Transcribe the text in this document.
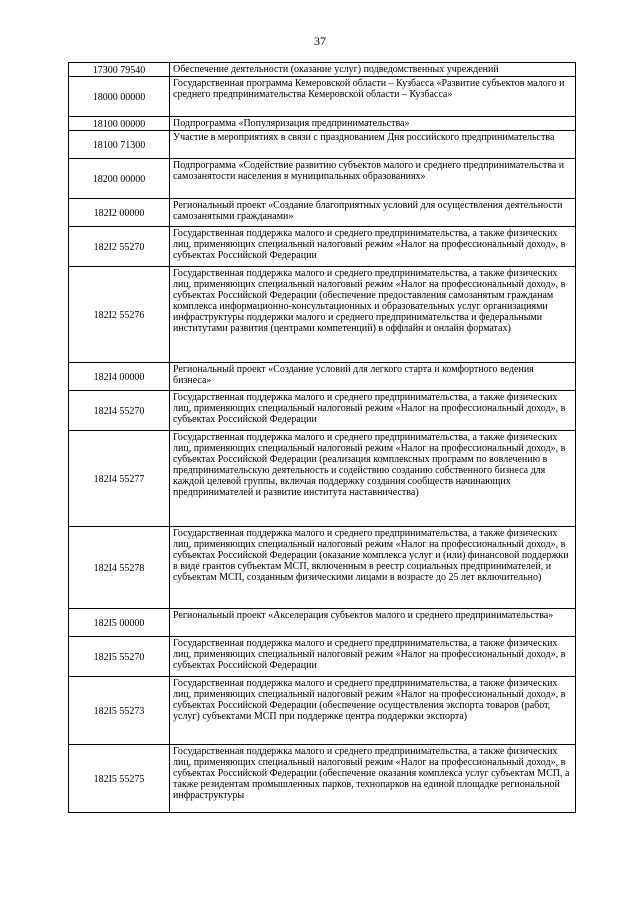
37
17300 79540	Обеспечение деятельности (оказание услуг) подведомственных учреждений
18000 00000	Государственная программа Кемеровской области – Кузбасса «Развитие субъектов малого и среднего предпринимательства Кемеровской области – Кузбасса»
18100 00000	Подпрограмма «Популяризация предпринимательства»
18100 71300	Участие в мероприятиях в связи с празднованием Дня российского предпринимательства
18200 00000	Подпрограмма «Содействие развитию субъектов малого и среднего предпринимательства и самозанятости населения в муниципальных образованиях»
182I2 00000	Региональный проект «Создание благоприятных условий для осуществления деятельности самозанятыми гражданами»
182I2 55270	Государственная поддержка малого и среднего предпринимательства, а также физических лиц, применяющих специальный налоговый режим «Налог на профессиональный доход», в субъектах Российской Федерации
182I2 55276	Государственная поддержка малого и среднего предпринимательства, а также физических лиц, применяющих специальный налоговый режим «Налог на профессиональный доход», в субъектах Российской Федерации (обеспечение предоставления самозанятым гражданам комплекса информационно-консультационных и образовательных услуг организациями инфраструктуры поддержки малого и среднего предпринимательства и федеральными институтами развития (центрами компетенций) в оффлайн и онлайн форматах)
182I4 00000	Региональный проект «Создание условий для легкого старта и комфортного ведения бизнеса»
182I4 55270	Государственная поддержка малого и среднего предпринимательства, а также физических лиц, применяющих специальный налоговый режим «Налог на профессиональный доход», в субъектах Российской Федерации
182I4 55277	Государственная поддержка малого и среднего предпринимательства, а также физических лиц, применяющих специальный налоговый режим «Налог на профессиональный доход», в субъектах Российской Федерации (реализация комплексных программ по вовлечению в предпринимательскую деятельность и содействию созданию собственного бизнеса для каждой целевой группы, включая поддержку создания сообществ начинающих предпринимателей и развитие института наставничества)
182I4 55278	Государственная поддержка малого и среднего предпринимательства, а также физических лиц, применяющих специальный налоговый режим «Налог на профессиональный доход», в субъектах Российской Федерации (оказание комплекса услуг и (или) финансовой поддержки в виде грантов субъектам МСП, включенным в реестр социальных предпринимателей, и субъектам МСП, созданным физическими лицами в возрасте до 25 лет включительно)
182I5 00000	Региональный проект «Акселерация субъектов малого и среднего предпринимательства»
182I5 55270	Государственная поддержка малого и среднего предпринимательства, а также физических лиц, применяющих специальный налоговый режим «Налог на профессиональный доход», в субъектах Российской Федерации
182I5 55273	Государственная поддержка малого и среднего предпринимательства, а также физических лиц, применяющих специальный налоговый режим «Налог на профессиональный доход», в субъектах Российской Федерации (обеспечение осуществления экспорта товаров (работ, услуг) субъектами МСП при поддержке центра поддержки экспорта)
182I5 55275	Государственная поддержка малого и среднего предпринимательства, а также физических лиц, применяющих специальный налоговый режим «Налог на профессиональный доход», в субъектах Российской Федерации (обеспечение оказания комплекса услуг субъектам МСП, а также резидентам промышленных парков, технопарков на единой площадке региональной инфраструктуры
